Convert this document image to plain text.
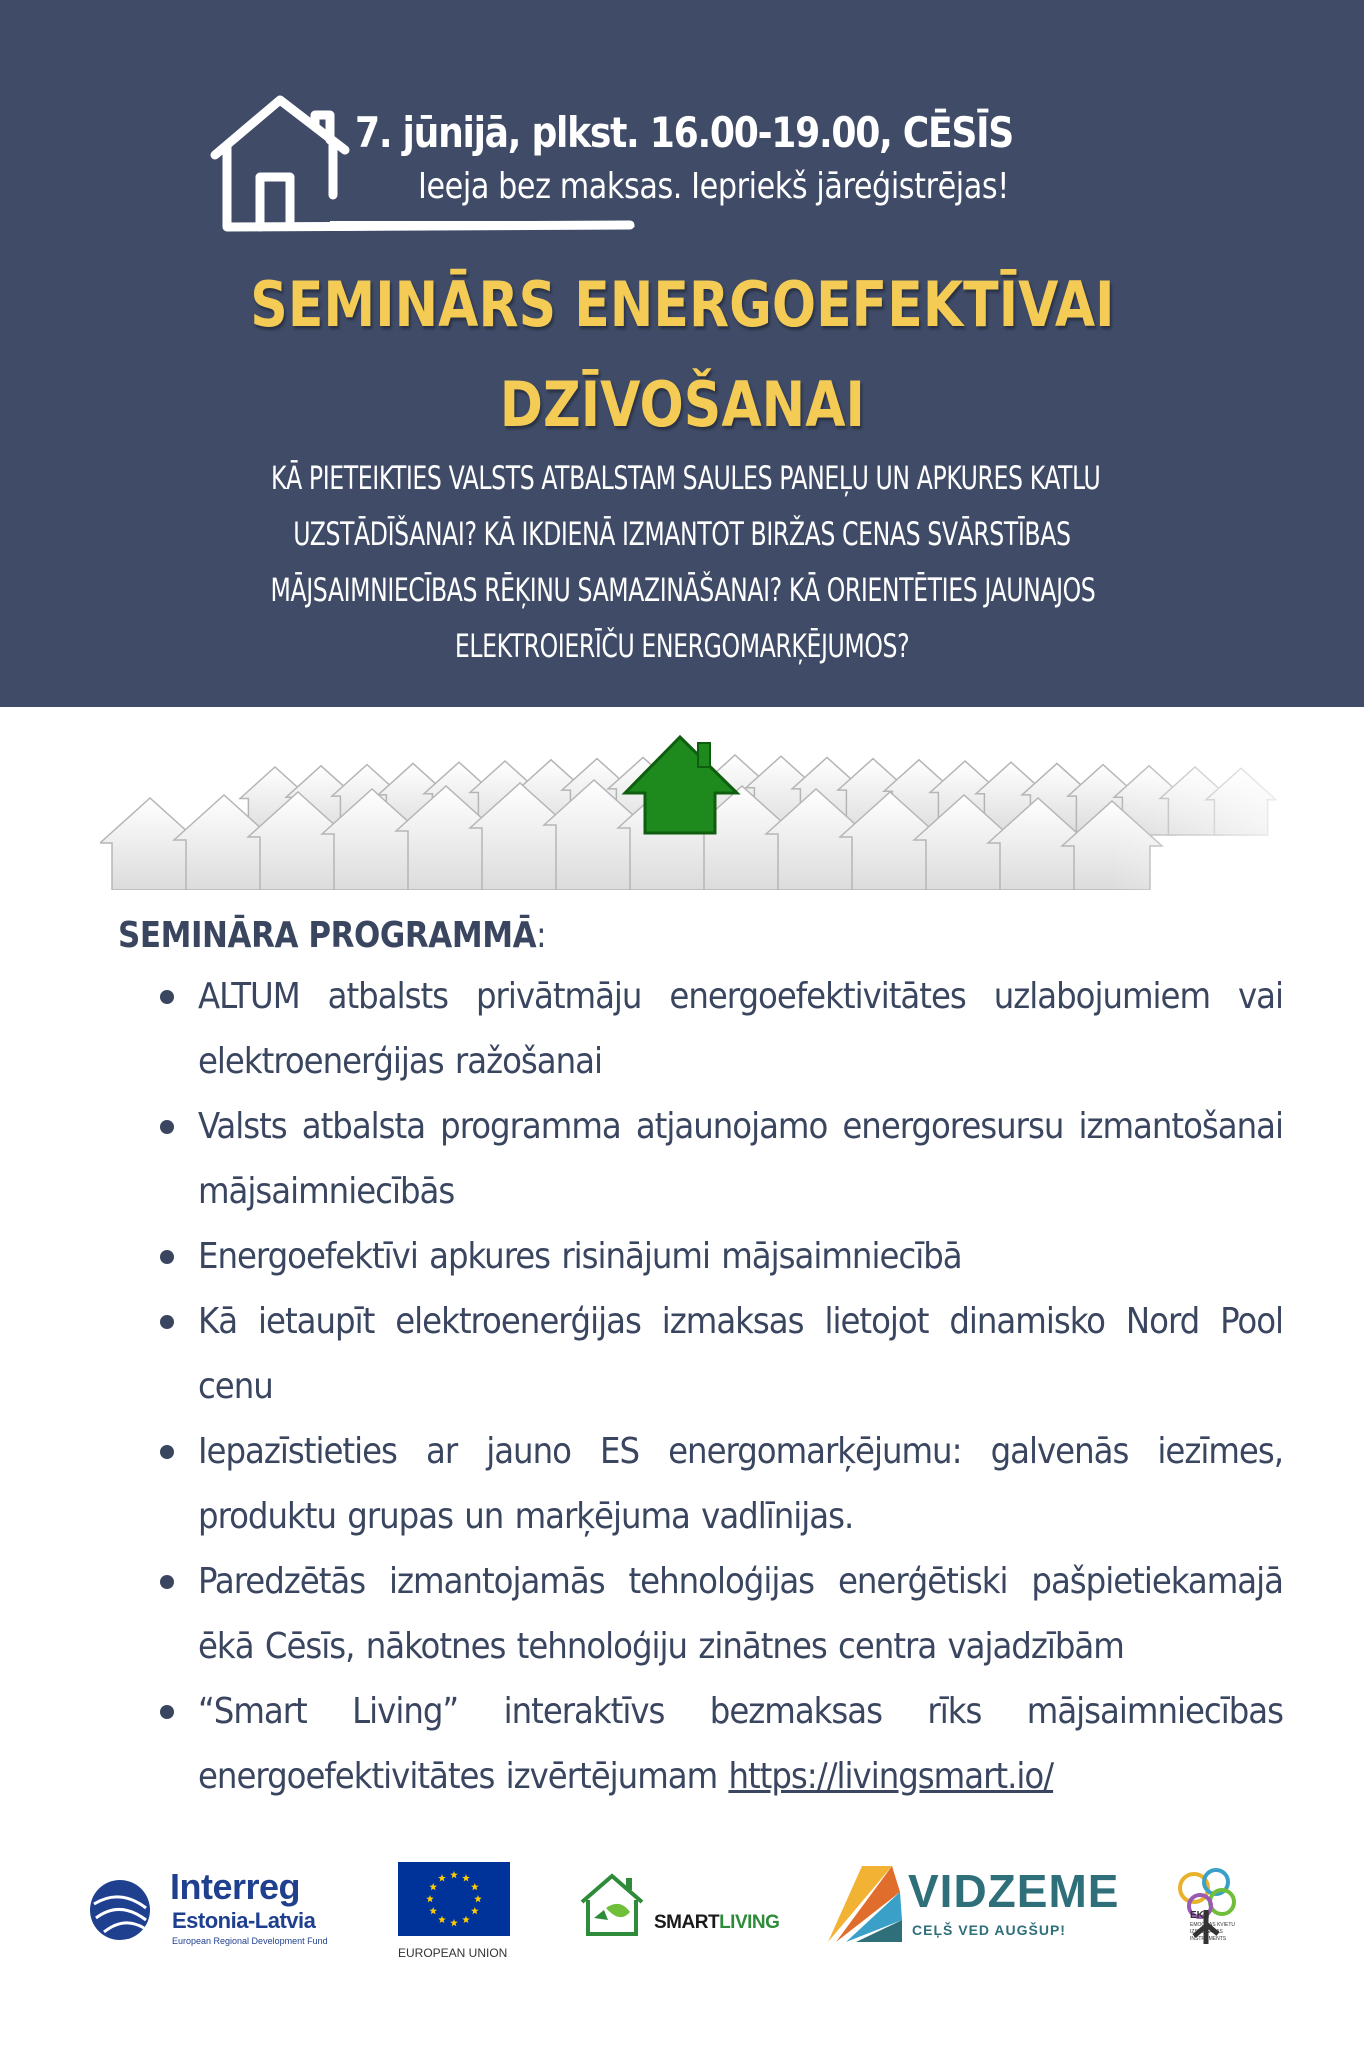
7. jūnijā, plkst. 16.00-19.00, CĒSĪS
Ieeja bez maksas. Iepriekš jāreģistrējas!
SEMINĀRS ENERGOEFEKTĪVAI
DZĪVOŠANAI
KĀ PIETEIKTIES VALSTS ATBALSTAM SAULES PANEĻU UN APKURES KATLU
UZSTĀDĪŠANAI? KĀ IKDIENĀ IZMANTOT BIRŽAS CENAS SVĀRSTĪBAS
MĀJSAIMNIECĪBAS RĒĶINU SAMAZINĀŠANAI? KĀ ORIENTĒTIES JAUNAJOS
ELEKTROIERĪČU ENERGOMARĶĒJUMOS?
SEMINĀRA PROGRAMMĀ:
ALTUM atbalsts privātmāju energoefektivitātes uzlabojumiem vai elektroenerģijas ražošanai
Valsts atbalsta programma atjaunojamo energoresursu izmantošanai mājsaimniecībās
Energoefektīvi apkures risinājumi mājsaimniecībā
Kā ietaupīt elektroenerģijas izmaksas lietojot dinamisko Nord Pool cenu
Iepazīstieties ar jauno ES energomarķējumu: galvenās iezīmes, produktu grupas un marķējuma vadlīnijas.
Paredzētās izmantojamās tehnoloģijas enerģētiski pašpietiekamajā ēkā Cēsīs, nākotnes tehnoloģiju zinātnes centra vajadzībām
“Smart Living” interaktīvs bezmaksas rīks mājsaimniecības energoefektivitātes izvērtējumam https://livingsmart.io/
Interreg
Estonia-Latvia
European Regional Development Fund
EUROPEAN UNION
SMARTLIVING
VIDZEME
CEĻŠ VED AUGŠUP!
EKII
EMOCIJAS KVIETU
IZSOLĪŠANAS
INSTRUMENTS
